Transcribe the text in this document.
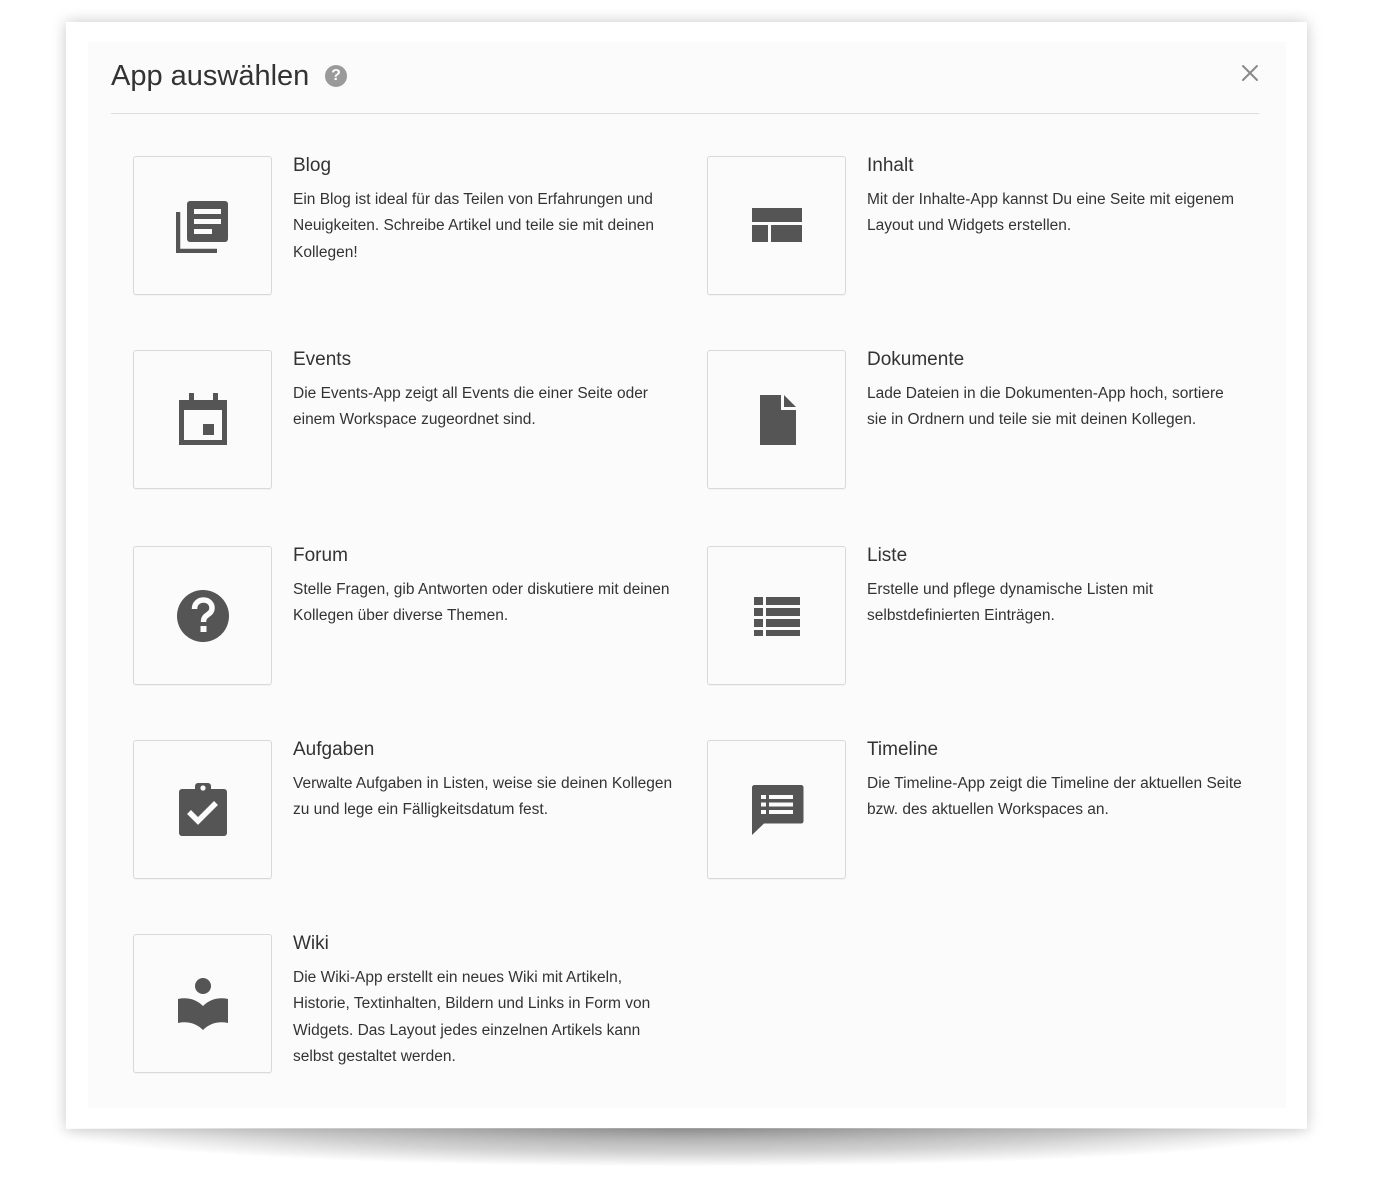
App auswählen	?
Blog
Ein Blog ist ideal für das Teilen von Erfahrungen und Neuigkeiten. Schreibe Artikel und teile sie mit deinen Kollegen!
Inhalt
Mit der Inhalte-App kannst Du eine Seite mit eigenem Layout und Widgets erstellen.
Events
Die Events-App zeigt all Events die einer Seite oder einem Workspace zugeordnet sind.
Dokumente
Lade Dateien in die Dokumenten-App hoch, sortiere sie in Ordnern und teile sie mit deinen Kollegen.
Forum
Stelle Fragen, gib Antworten oder diskutiere mit deinen Kollegen über diverse Themen.
Liste
Erstelle und pflege dynamische Listen mit selbstdefinierten Einträgen.
Aufgaben
Verwalte Aufgaben in Listen, weise sie deinen Kollegen zu und lege ein Fälligkeitsdatum fest.
Timeline
Die Timeline-App zeigt die Timeline der aktuellen Seite bzw. des aktuellen Workspaces an.
Wiki
Die Wiki-App erstellt ein neues Wiki mit Artikeln, Historie, Textinhalten, Bildern und Links in Form von Widgets. Das Layout jedes einzelnen Artikels kann selbst gestaltet werden.
